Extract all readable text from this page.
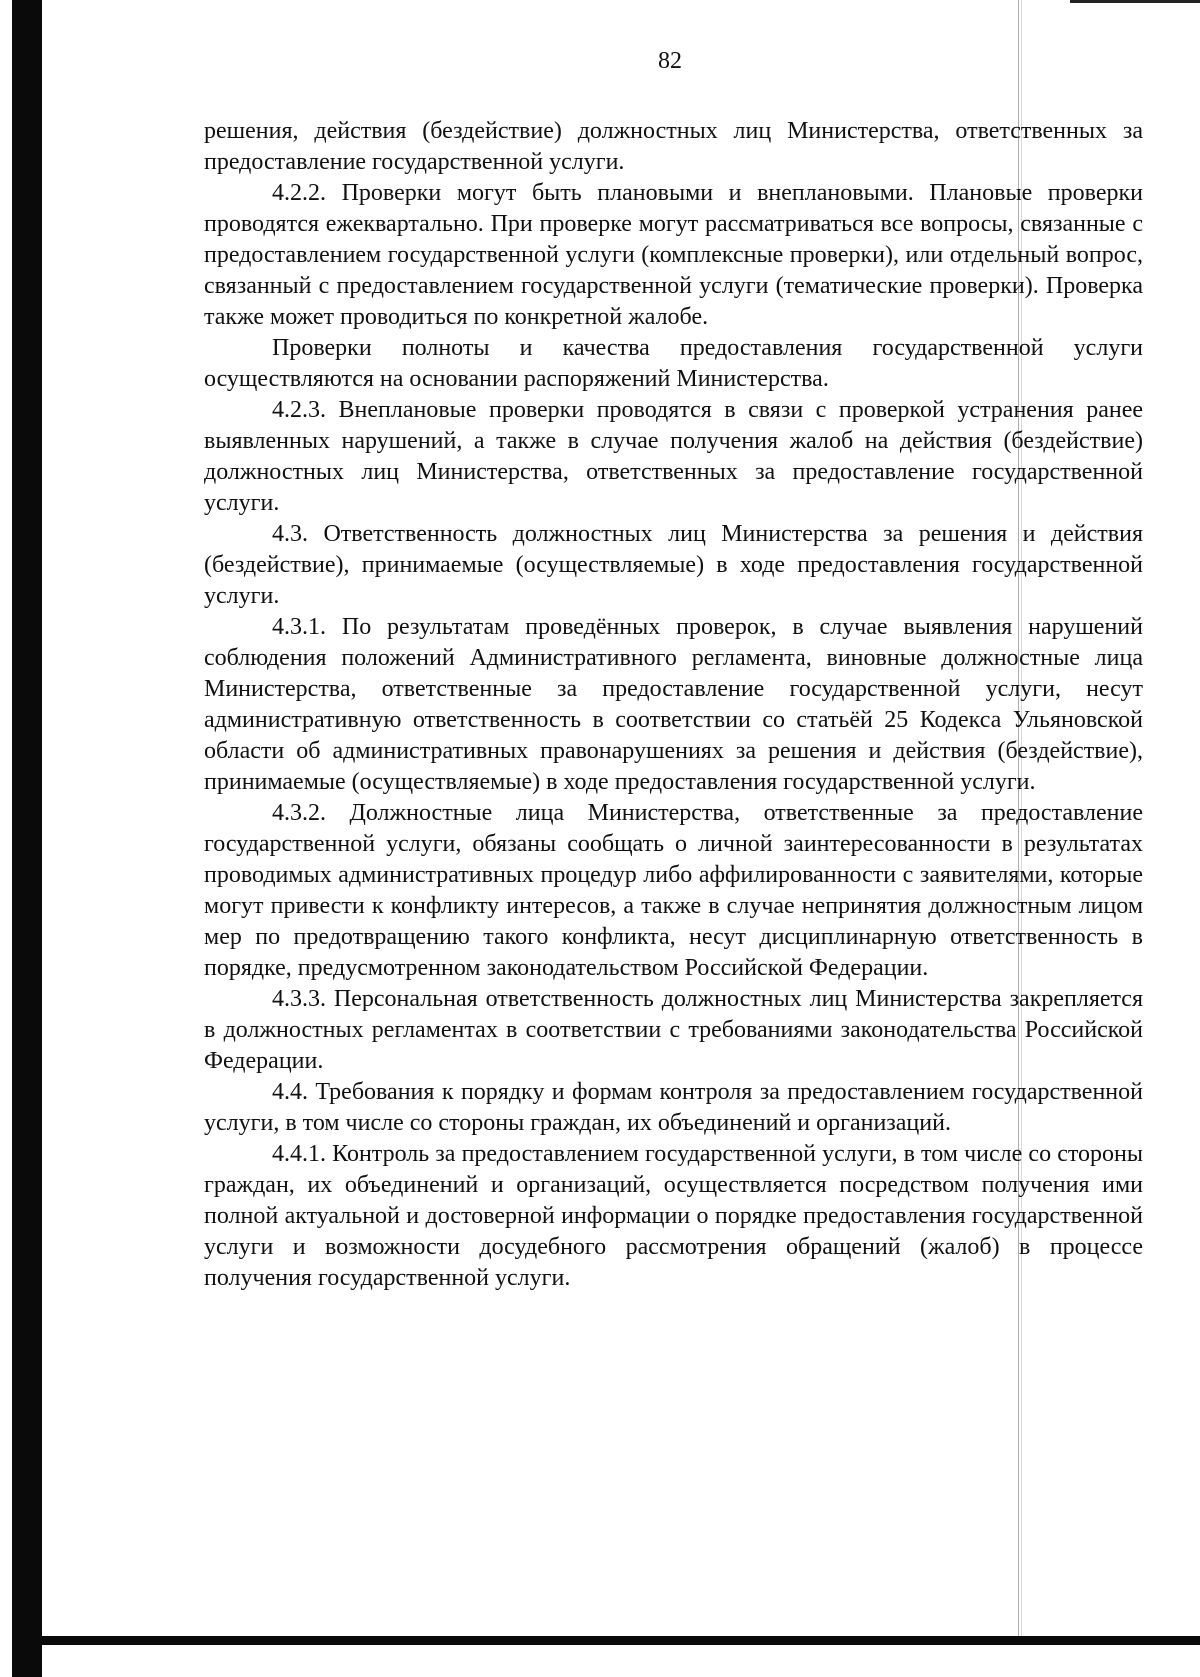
82

решения, действия (бездействие) должностных лиц Министерства, ответственных за предоставление государственной услуги.

4.2.2. Проверки могут быть плановыми и внеплановыми. Плановые проверки проводятся ежеквартально. При проверке могут рассматриваться все вопросы, связанные с предоставлением государственной услуги (комплексные проверки), или отдельный вопрос, связанный с предоставлением государственной услуги (тематические проверки). Проверка также может проводиться по конкретной жалобе.

Проверки полноты и качества предоставления государственной услуги осуществляются на основании распоряжений Министерства.

4.2.3. Внеплановые проверки проводятся в связи с проверкой устранения ранее выявленных нарушений, а также в случае получения жалоб на действия (бездействие) должностных лиц Министерства, ответственных за предоставление государственной услуги.

4.3. Ответственность должностных лиц Министерства за решения и действия (бездействие), принимаемые (осуществляемые) в ходе предоставления государственной услуги.

4.3.1. По результатам проведённых проверок, в случае выявления нарушений соблюдения положений Административного регламента, виновные должностные лица Министерства, ответственные за предоставление государственной услуги, несут административную ответственность в соответствии со статьёй 25 Кодекса Ульяновской области об административных правонарушениях за решения и действия (бездействие), принимаемые (осуществляемые) в ходе предоставления государственной услуги.

4.3.2. Должностные лица Министерства, ответственные за предоставление государственной услуги, обязаны сообщать о личной заинтересованности в результатах проводимых административных процедур либо аффилированности с заявителями, которые могут привести к конфликту интересов, а также в случае непринятия должностным лицом мер по предотвращению такого конфликта, несут дисциплинарную ответственность в порядке, предусмотренном законодательством Российской Федерации.

4.3.3. Персональная ответственность должностных лиц Министерства закрепляется в должностных регламентах в соответствии с требованиями законодательства Российской Федерации.

4.4. Требования к порядку и формам контроля за предоставлением государственной услуги, в том числе со стороны граждан, их объединений и организаций.

4.4.1. Контроль за предоставлением государственной услуги, в том числе со стороны граждан, их объединений и организаций, осуществляется посредством получения ими полной актуальной и достоверной информации о порядке предоставления государственной услуги и возможности досудебного рассмотрения обращений (жалоб) в процессе получения государственной услуги.
